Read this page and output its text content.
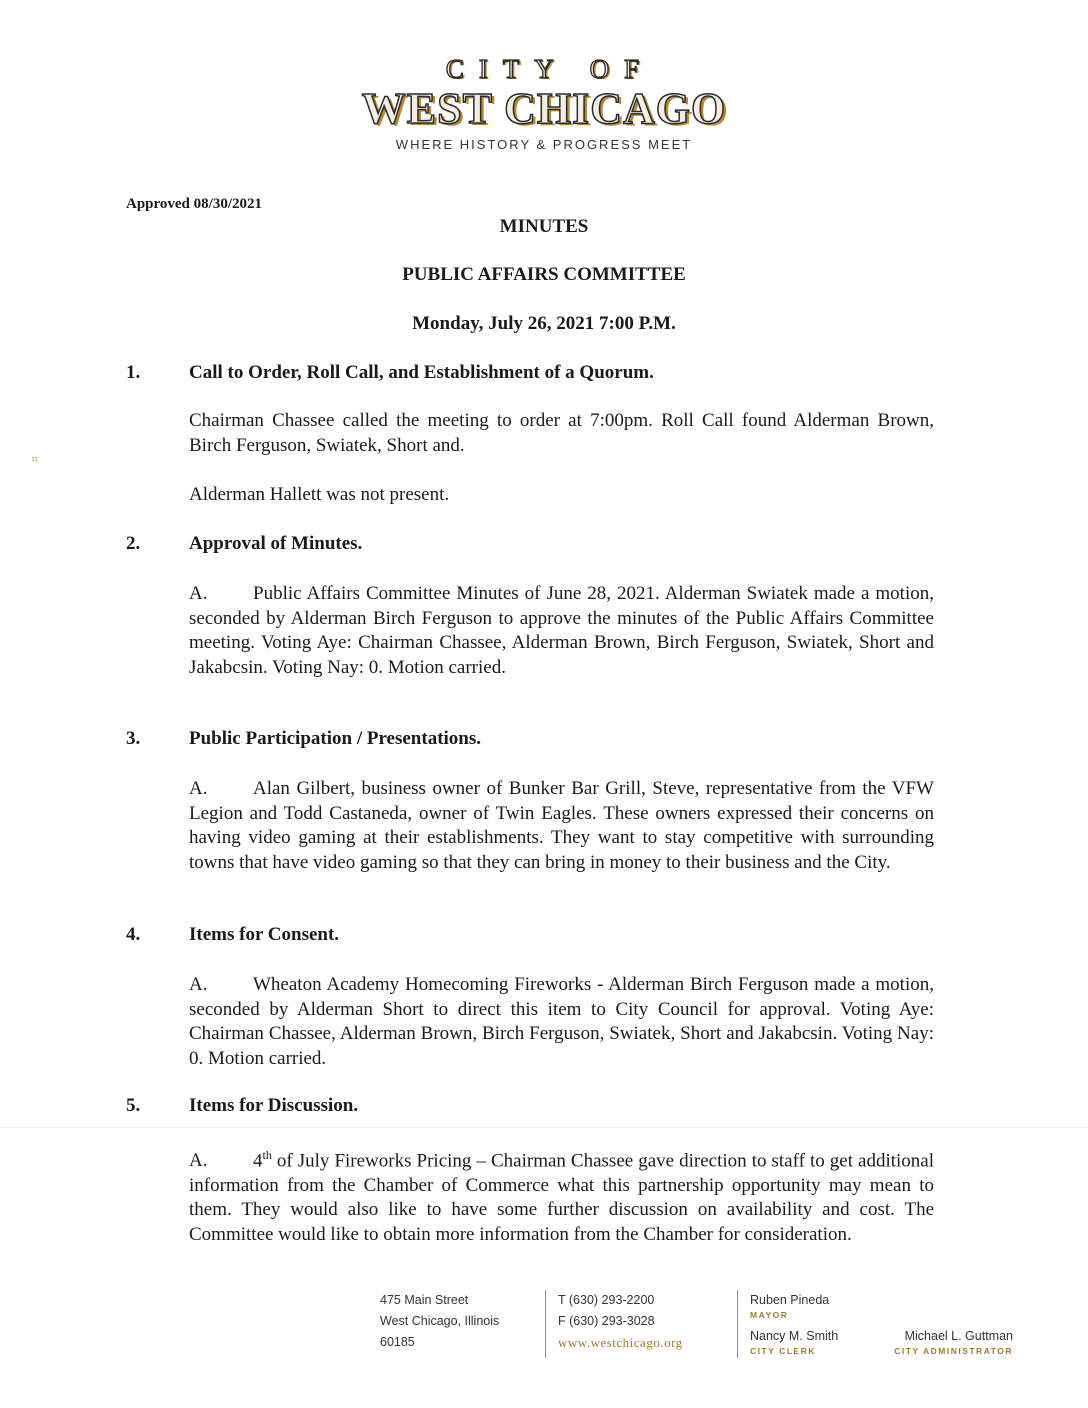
CITY OF
WEST CHICAGO
WHERE HISTORY & PROGRESS MEET
Approved 08/30/2021
MINUTES
PUBLIC AFFAIRS COMMITTEE
Monday, July 26, 2021 7:00 P.M.
⠶
1.	Call to Order, Roll Call, and Establishment of a Quorum.

Chairman Chassee called the meeting to order at 7:00pm. Roll Call found Alderman Brown, Birch Ferguson, Swiatek, Short and.

Alderman Hallett was not present.

2.	Approval of Minutes.

A. Public Affairs Committee Minutes of June 28, 2021. Alderman Swiatek made a motion, seconded by Alderman Birch Ferguson to approve the minutes of the Public Affairs Committee meeting. Voting Aye: Chairman Chassee, Alderman Brown, Birch Ferguson, Swiatek, Short and Jakabcsin. Voting Nay: 0. Motion carried.

3.	Public Participation / Presentations.

A. Alan Gilbert, business owner of Bunker Bar Grill, Steve, representative from the VFW Legion and Todd Castaneda, owner of Twin Eagles. These owners expressed their concerns on having video gaming at their establishments. They want to stay competitive with surrounding towns that have video gaming so that they can bring in money to their business and the City.

4.	Items for Consent.

A. Wheaton Academy Homecoming Fireworks - Alderman Birch Ferguson made a motion, seconded by Alderman Short to direct this item to City Council for approval. Voting Aye: Chairman Chassee, Alderman Brown, Birch Ferguson, Swiatek, Short and Jakabcsin. Voting Nay: 0. Motion carried.

5.	Items for Discussion.

A. 4th of July Fireworks Pricing – Chairman Chassee gave direction to staff to get additional information from the Chamber of Commerce what this partnership opportunity may mean to them. They would also like to have some further discussion on availability and cost. The Committee would like to obtain more information from the Chamber for consideration.

475 Main Street
West Chicago, Illinois
60185
T (630) 293-2200
F (630) 293-3028
www.westchicago.org
Ruben Pineda
MAYOR
Nancy M. Smith
CITY CLERK
Michael L. Guttman
CITY ADMINISTRATOR
